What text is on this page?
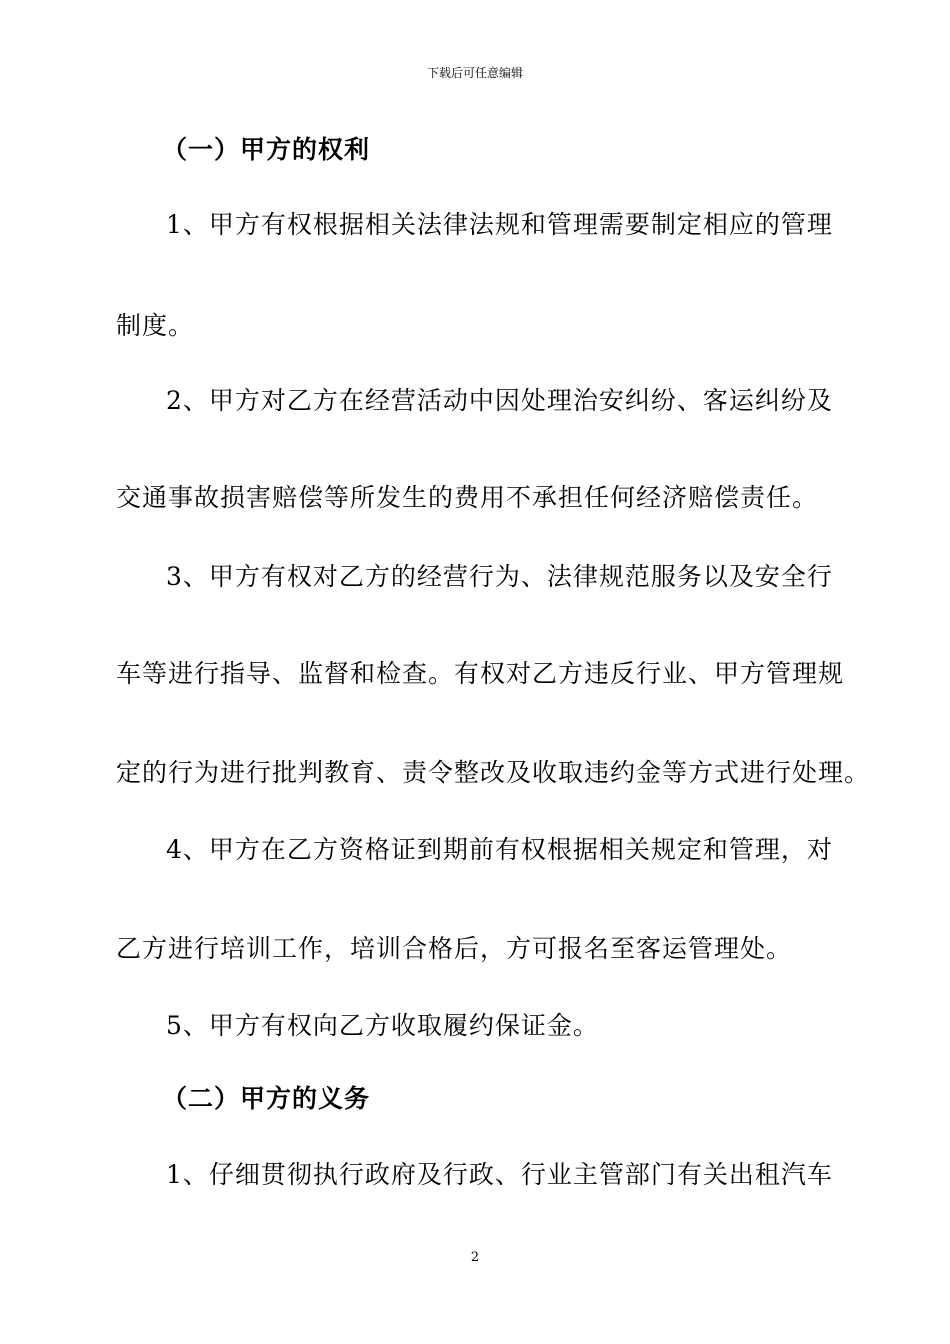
下载后可任意编辑
（一）甲方的权利
1、甲方有权根据相关法律法规和管理需要制定相应的管理
制度。
2、甲方对乙方在经营活动中因处理治安纠纷、客运纠纷及
交通事故损害赔偿等所发生的费用不承担任何经济赔偿责任。
3、甲方有权对乙方的经营行为、法律规范服务以及安全行
车等进行指导、监督和检查。有权对乙方违反行业、甲方管理规
定的行为进行批判教育、责令整改及收取违约金等方式进行处理。
4、甲方在乙方资格证到期前有权根据相关规定和管理，对
乙方进行培训工作，培训合格后，方可报名至客运管理处。
5、甲方有权向乙方收取履约保证金。
（二）甲方的义务
1、仔细贯彻执行政府及行政、行业主管部门有关出租汽车
2
